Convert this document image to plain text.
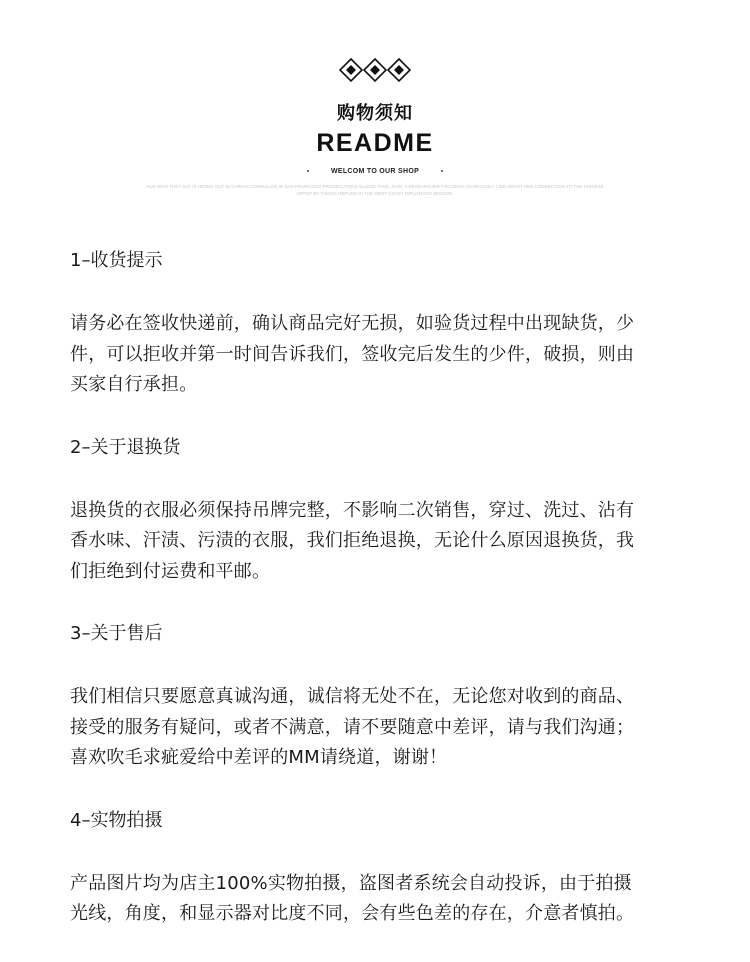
购物须知
README
WELCOM TO OUR SHOP
AUD WHO THEY SAY IS HIDING OUT IN CHINA'S CONSULATE IN SAN FRANCISCO.PROSECUTORS ALLEGE TANG JUAN, A RESEARCHER FOCUSING ON BIOLOGY, LIED ABOUT HER CONNECTION TO THE CHINESE
ARTIST BY TAKING REFUGE IN THE WEST COAST DIPLOMATIC MISSION.
1–收货提示
请务必在签收快递前，确认商品完好无损，如验货过程中出现缺货，少
件，可以拒收并第一时间告诉我们，签收完后发生的少件，破损，则由
买家自行承担。
2–关于退换货
退换货的衣服必须保持吊牌完整，不影响二次销售，穿过、洗过、沾有
香水味、汗渍、污渍的衣服，我们拒绝退换，无论什么原因退换货，我
们拒绝到付运费和平邮。
3–关于售后
我们相信只要愿意真诚沟通，诚信将无处不在，无论您对收到的商品、
接受的服务有疑问，或者不满意，请不要随意中差评，请与我们沟通；
喜欢吹毛求疵爱给中差评的MM请绕道，谢谢！
4–实物拍摄
产品图片均为店主100%实物拍摄，盗图者系统会自动投诉，由于拍摄
光线，角度，和显示器对比度不同，会有些色差的存在，介意者慎拍。
